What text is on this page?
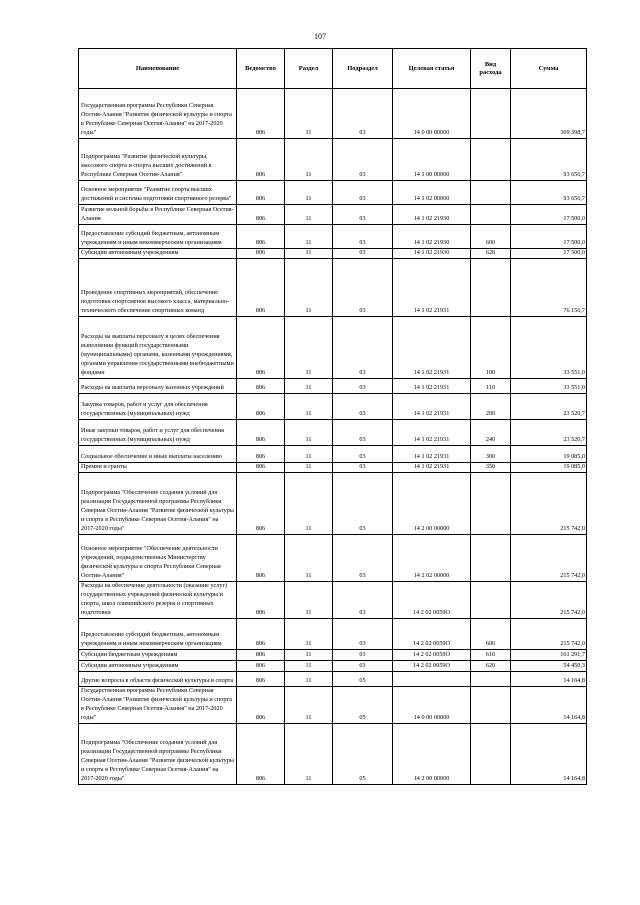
107
Наименование	Ведомство	Раздел	Подраздел	Целевая статья	Вид расхода	Сумма
Государственная программа Республики Северная Осетия-Алания "Развитие физической культуры и спорта в Республике Северная Осетия-Алания" на 2017-2020 годы"	806	11	03	14 0 00 00000		309 398,7
Подпрограмма "Развитие физической культуры, массового спорта и спорта высших достижений в Республике Северная Осетия-Алания"	806	11	03	14 1 00 00000		93 656,7
Основное мероприятие "Развитие спорта высших достижений и системы подготовки спортивного резерва"	806	11	03	14 1 02 00000		93 656,7
Развитие вольной борьбы в Республике Северная Осетия-Алания	806	11	03	14 1 02 21930		17 500,0
Предоставление субсидий бюджетным, автономным учреждениям и иным некоммерческим организациям	806	11	03	14 1 02 21930	600	17 500,0
Субсидии автономным учреждениям	806	11	03	14 1 02 21930	620	17 500,0
Проведение спортивных мероприятий, обеспечение подготовки спортсменов высокого класса, материально-технического обеспечение спортивных команд	806	11	03	14 1 02 21931		76 156,7
Расходы на выплаты персоналу в целях обеспечения выполнения функций государственными (муниципальными) органами, казенными учреждениями, органами управления государственными внебюджетными фондами	806	11	03	14 1 02 21931	100	33 551,0
Расходы на выплаты персоналу казенных учреждений	806	11	03	14 1 02 21931	110	33 551,0
Закупка товаров, работ и услуг для обеспечения государственных (муниципальных) нужд	806	11	03	14 1 02 21931	200	23 520,7
Иные закупки товаров, работ и услуг для обеспечения государственных (муниципальных) нужд	806	11	03	14 1 02 21931	240	23 520,7
Социальное обеспечение и иные выплаты населению	806	11	03	14 1 02 21931	300	19 085,0
Премии и гранты	806	11	03	14 1 02 21931	350	19 085,0
Подпрограмма "Обеспечение создания условий для реализации Государственной программы Республики Северная Осетия-Алания "Развитие физической культуры и спорта в Республике Северная Осетия-Алания" на 2017-2020 годы"	806	11	03	14 2 00 00000		215 742,0
Основное мероприятие "Обеспечение деятельности учреждений, подведомственных Министерству физической культуры и спорта Республики Северная Осетия-Алания"	806	11	03	14 2 02 00000		215 742,0
Расходы на обеспечение деятельности (оказание услуг) государственных учреждений физической культуры и спорта, школ олимпийского резерва и спортивных подготовки	806	11	03	14 2 02 0059О		215 742,0
Предоставление субсидий бюджетным, автономным учреждениям и иным некоммерческим организациям	806	11	03	14 2 02 0059О	600	215 742,0
Субсидии бюджетным учреждениям	806	11	03	14 2 02 0059О	610	161 291,7
Субсидии автономным учреждениям	806	11	03	14 2 02 0059О	620	54 450,3
Другие вопросы в области физической культуры и спорта	806	11	05			14 164,8
Государственная программа Республики Северная Осетия-Алания "Развитие физической культуры и спорта в Республике Северная Осетия-Алания" на 2017-2020 годы"	806	11	05	14 0 00 00000		14 164,8
Подпрограмма "Обеспечение создания условий для реализации Государственной программы Республики Северная Осетия-Алания "Развитие физической культуры и спорта в Республике Северная Осетия-Алания" на 2017-2020 годы"	806	11	05	14 2 00 00000		14 164,8
